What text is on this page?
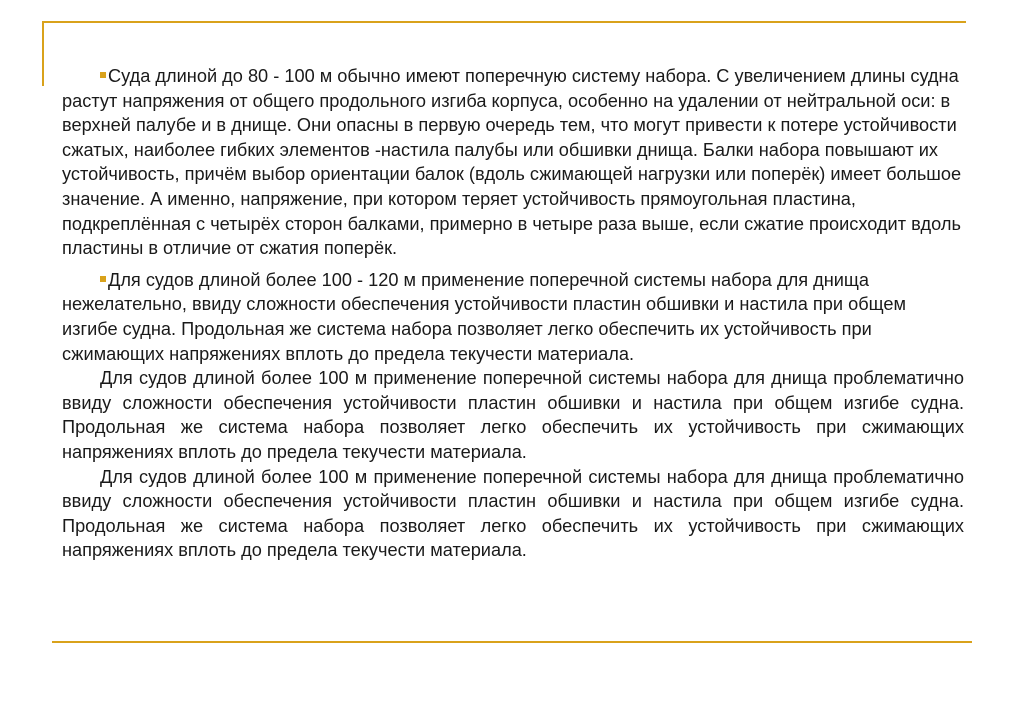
Суда длиной до 80 - 100 м обычно имеют поперечную систему набора. С увеличением длины судна растут напряжения от общего продольного изгиба корпуса, особенно на удалении от нейтральной оси: в верхней палубе и в днище. Они опасны в первую очередь тем, что могут привести к потере устойчивости сжатых, наиболее гибких элементов -настила палубы или обшивки днища. Балки набора повышают их устойчивость, причём выбор ориентации балок (вдоль сжимающей нагрузки или поперёк) имеет большое значение. А именно, напряжение, при котором теряет устойчивость прямоугольная пластина, подкреплённая с четырёх сторон балками, примерно в четыре раза выше, если сжатие происходит вдоль пластины в отличие от сжатия поперёк.

Для судов длиной более 100 - 120 м применение поперечной системы набора для днища нежелательно, ввиду сложности обеспечения устойчивости пластин обшивки и настила при общем изгибе судна. Продольная же система набора позволяет легко обеспечить их устойчивость при сжимающих напряжениях вплоть до предела текучести материала.

Для судов длиной более 100 м применение поперечной системы набора для днища проблематично ввиду сложности обеспечения устойчивости пластин обшивки и настила при общем изгибе судна. Продольная же система набора позволяет легко обеспечить их устойчивость при сжимающих напряжениях вплоть до предела текучести материала.

Для судов длиной более 100 м применение поперечной системы набора для днища проблематично ввиду сложности обеспечения устойчивости пластин обшивки и настила при общем изгибе судна. Продольная же система набора позволяет легко обеспечить их устойчивость при сжимающих напряжениях вплоть до предела текучести материала.
